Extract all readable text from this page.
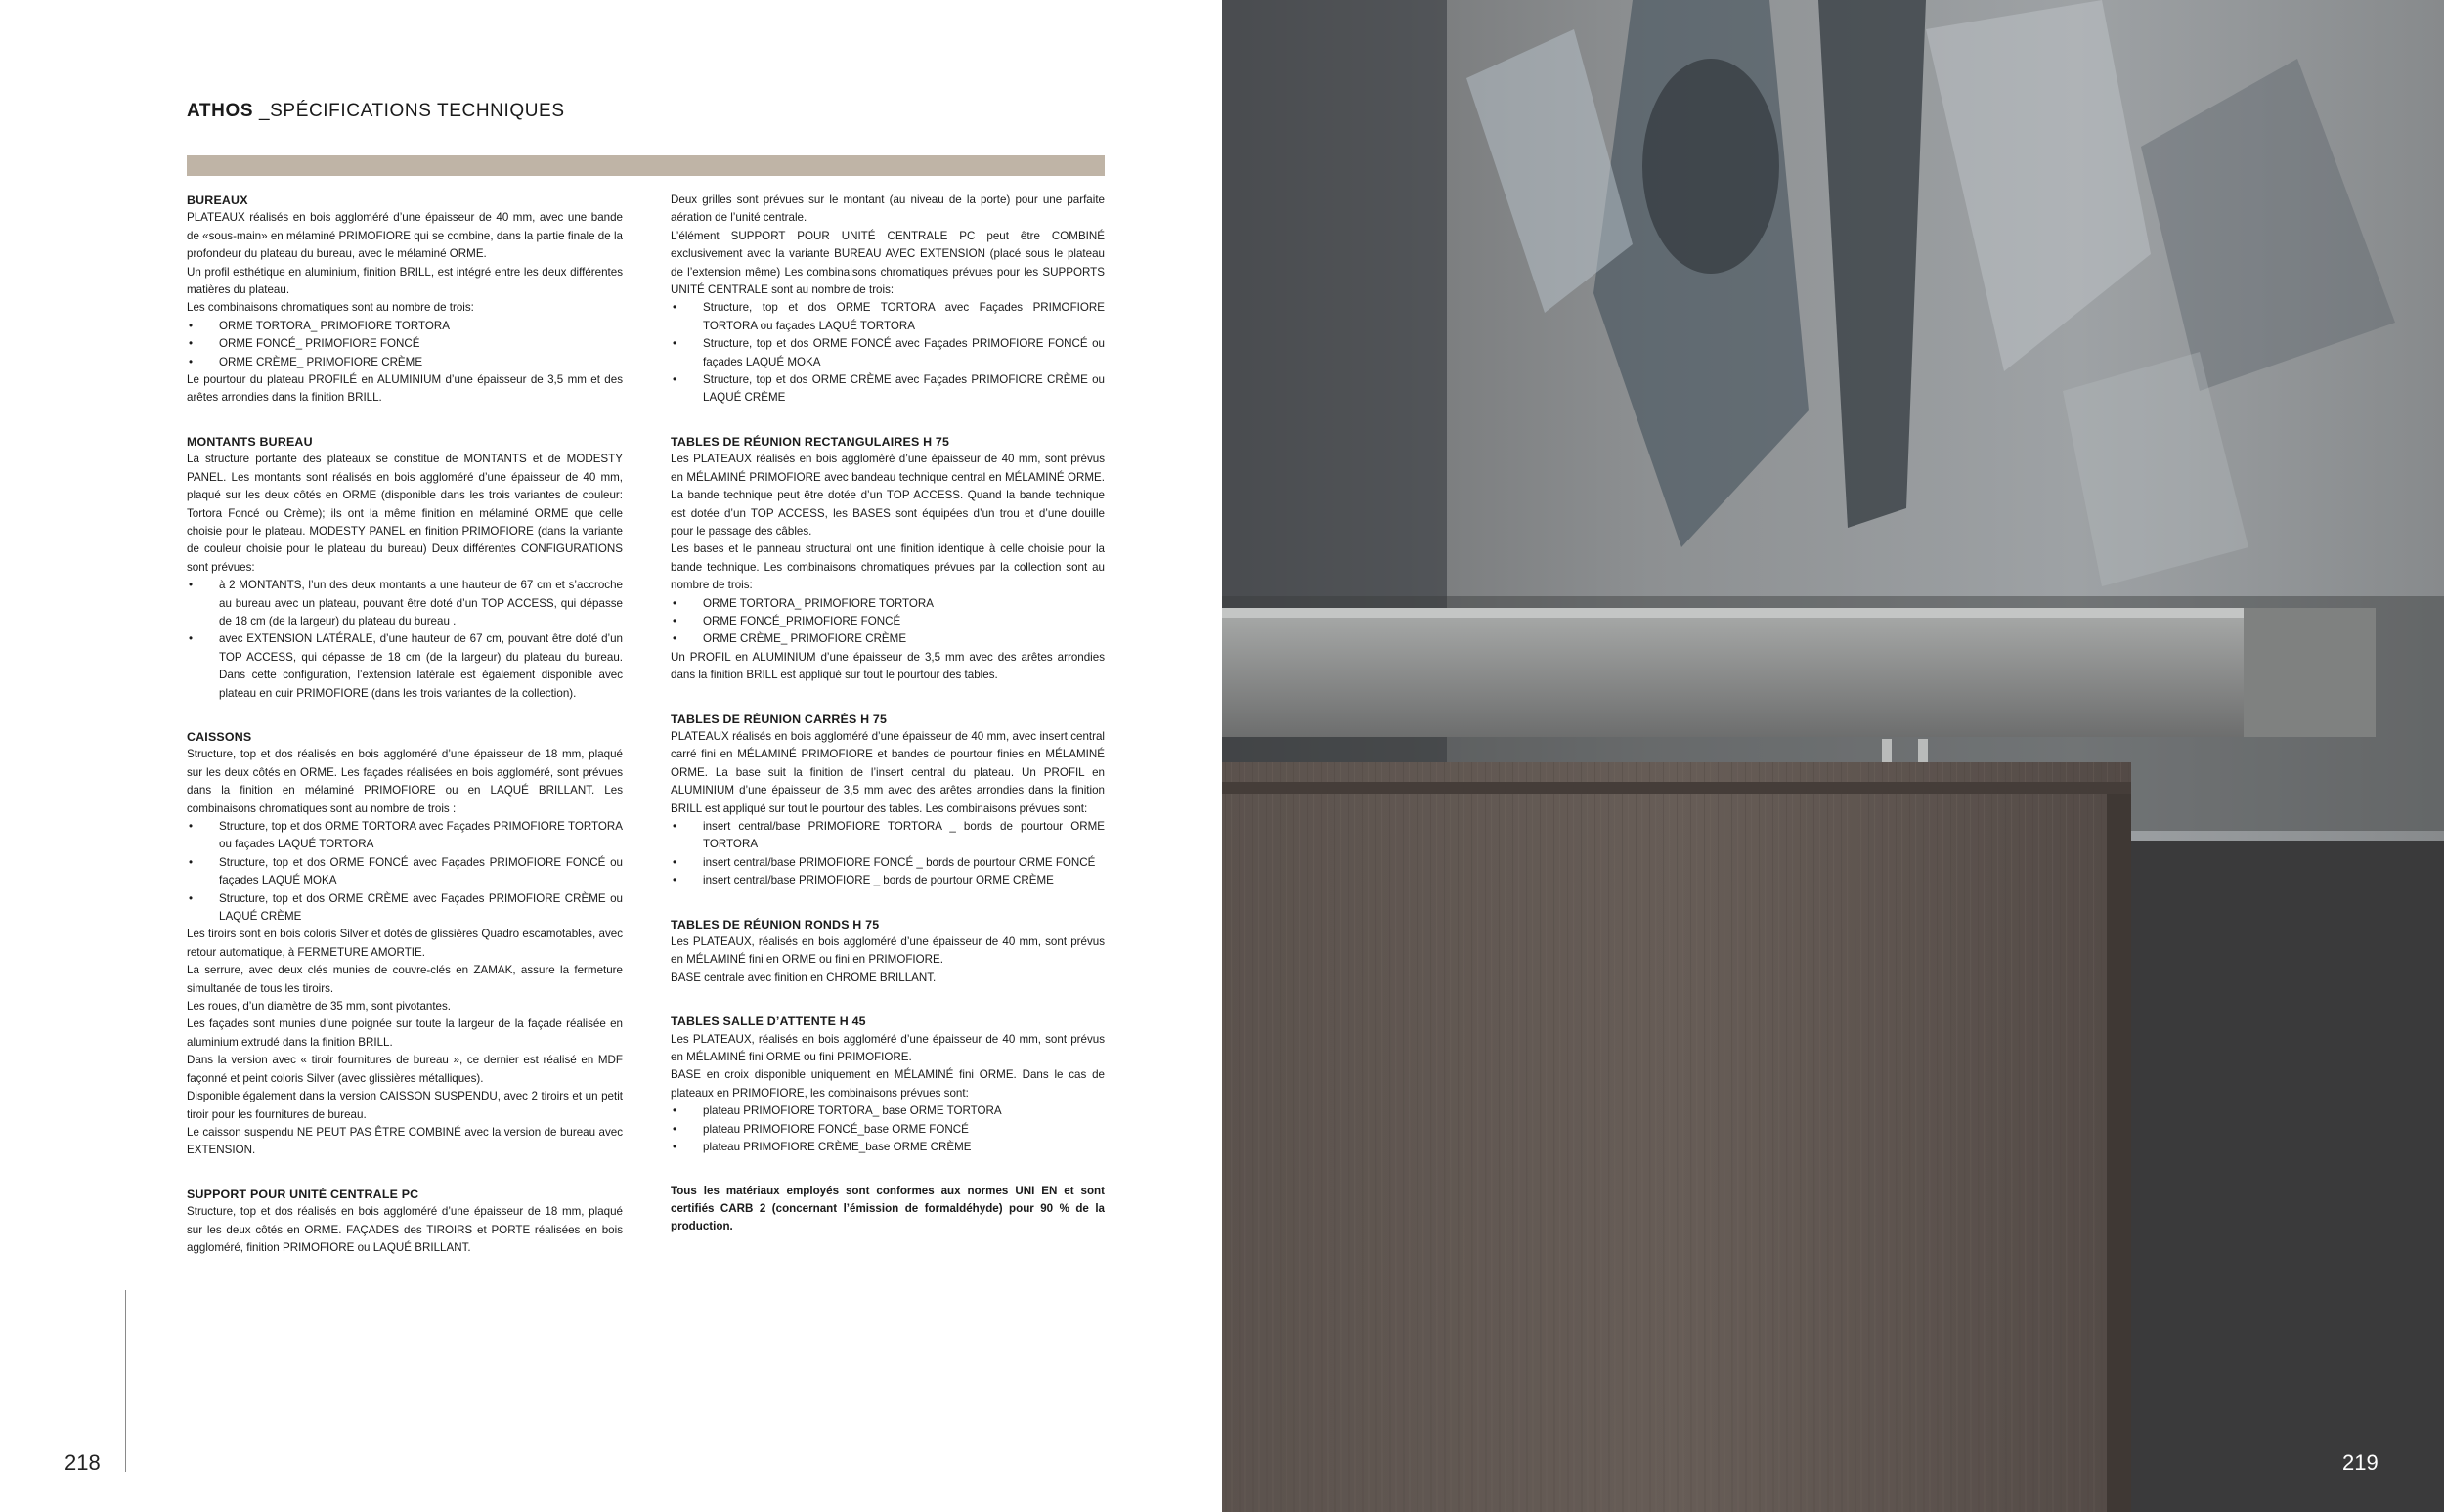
ATHOS _SPÉCIFICATIONS TECHNIQUES
BUREAUX

PLATEAUX réalisés en bois aggloméré d’une épaisseur de 40 mm, avec une bande de «sous-main» en mélaminé PRIMOFIORE qui se combine, dans la partie finale de la profondeur du plateau du bureau, avec le mélaminé ORME.

Un profil esthétique en aluminium, finition BRILL, est intégré entre les deux différentes matières du plateau.

Les combinaisons chromatiques sont au nombre de trois:

• ORME TORTORA_ PRIMOFIORE TORTORA
• ORME FONCÉ_ PRIMOFIORE FONCÉ
• ORME CRÈME_ PRIMOFIORE CRÈME

Le pourtour du plateau PROFILÉ en ALUMINIUM d’une épaisseur de 3,5 mm et des arêtes arrondies dans la finition BRILL.

MONTANTS BUREAU

La structure portante des plateaux se constitue de MONTANTS et de MODESTY PANEL. Les montants sont réalisés en bois aggloméré d’une épaisseur de 40 mm, plaqué sur les deux côtés en ORME (disponible dans les trois variantes de couleur: Tortora Foncé ou Crème); ils ont la même finition en mélaminé ORME que celle choisie pour le plateau. MODESTY PANEL en finition PRIMOFIORE (dans la variante de couleur choisie pour le plateau du bureau) Deux différentes CONFIGURATIONS sont prévues:

• à 2 MONTANTS, l’un des deux montants a une hauteur de 67 cm et s’accroche au bureau avec un plateau, pouvant être doté d’un TOP ACCESS, qui dépasse de 18 cm (de la largeur) du plateau du bureau .
• avec EXTENSION LATÉRALE, d’une hauteur de 67 cm, pouvant être doté d’un TOP ACCESS, qui dépasse de 18 cm (de la largeur) du plateau du bureau. Dans cette configuration, l’extension latérale est également disponible avec plateau en cuir PRIMOFIORE (dans les trois variantes de la collection).
CAISSONS

Structure, top et dos réalisés en bois aggloméré d’une épaisseur de 18 mm, plaqué sur les deux côtés en ORME. Les façades réalisées en bois aggloméré, sont prévues dans la finition en mélaminé PRIMOFIORE ou en LAQUÉ BRILLANT. Les combinaisons chromatiques sont au nombre de trois :

• Structure, top et dos ORME TORTORA avec Façades PRIMOFIORE TORTORA ou façades LAQUÉ TORTORA
• Structure, top et dos ORME FONCÉ avec Façades PRIMOFIORE FONCÉ ou façades LAQUÉ MOKA
• Structure, top et dos ORME CRÈME avec Façades PRIMOFIORE CRÈME ou LAQUÉ CRÈME

Les tiroirs sont en bois coloris Silver et dotés de glissières Quadro escamotables, avec retour automatique, à FERMETURE AMORTIE.

La serrure, avec deux clés munies de couvre-clés en ZAMAK, assure la fermeture simultanée de tous les tiroirs.

Les roues, d’un diamètre de 35 mm, sont pivotantes.

Les façades sont munies d’une poignée sur toute la largeur de la façade réalisée en aluminium extrudé dans la finition BRILL.

Dans la version avec « tiroir fournitures de bureau », ce dernier est réalisé en MDF façonné et peint coloris Silver (avec glissières métalliques).

Disponible également dans la version CAISSON SUSPENDU, avec 2 tiroirs et un petit tiroir pour les fournitures de bureau.

Le caisson suspendu NE PEUT PAS ÊTRE COMBINÉ avec la version de bureau avec EXTENSION.

SUPPORT POUR UNITÉ CENTRALE PC

Structure, top et dos réalisés en bois aggloméré d’une épaisseur de 18 mm, plaqué sur les deux côtés en ORME. FAÇADES des TIROIRS et PORTE réalisées en bois aggloméré, finition PRIMOFIORE ou LAQUÉ BRILLANT.

Deux grilles sont prévues sur le montant (au niveau de la porte) pour une parfaite aération de l’unité centrale.

L’élément SUPPORT POUR UNITÉ CENTRALE PC peut être COMBINÉ exclusivement avec la variante BUREAU AVEC EXTENSION (placé sous le plateau de l’extension même) Les combinaisons chromatiques prévues pour les SUPPORTS UNITÉ CENTRALE sont au nombre de trois:

• Structure, top et dos ORME TORTORA avec Façades PRIMOFIORE TORTORA ou façades LAQUÉ TORTORA
• Structure, top et dos ORME FONCÉ avec Façades PRIMOFIORE FONCÉ ou façades LAQUÉ MOKA
• Structure, top et dos ORME CRÈME avec Façades PRIMOFIORE CRÈME ou LAQUÉ CRÈME
TABLES DE RÉUNION RECTANGULAIRES H 75

Les PLATEAUX réalisés en bois aggloméré d’une épaisseur de 40 mm, sont prévus en MÉLAMINÉ PRIMOFIORE avec bandeau technique central en MÉLAMINÉ ORME. La bande technique peut être dotée d’un TOP ACCESS. Quand la bande technique est dotée d’un TOP ACCESS, les BASES sont équipées d’un trou et d’une douille pour le passage des câbles.

Les bases et le panneau structural ont une finition identique à celle choisie pour la bande technique. Les combinaisons chromatiques prévues par la collection sont au nombre de trois:

• ORME TORTORA_ PRIMOFIORE TORTORA
• ORME FONCÉ_PRIMOFIORE FONCÉ
• ORME CRÈME_ PRIMOFIORE CRÈME

Un PROFIL en ALUMINIUM d’une épaisseur de 3,5 mm avec des arêtes arrondies dans la finition BRILL est appliqué sur tout le pourtour des tables.

TABLES DE RÉUNION CARRÉS H 75

PLATEAUX réalisés en bois aggloméré d’une épaisseur de 40 mm, avec insert central carré fini en MÉLAMINÉ PRIMOFIORE et bandes de pourtour finies en MÉLAMINÉ ORME. La base suit la finition de l’insert central du plateau. Un PROFIL en ALUMINIUM d’une épaisseur de 3,5 mm avec des arêtes arrondies dans la finition BRILL est appliqué sur tout le pourtour des tables. Les combinaisons prévues sont:

• insert central/base PRIMOFIORE TORTORA _ bords de pourtour ORME TORTORA
• insert central/base PRIMOFIORE FONCÉ _ bords de pourtour ORME FONCÉ
• insert central/base PRIMOFIORE _ bords de pourtour ORME CRÈME
TABLES DE RÉUNION RONDS H 75

Les PLATEAUX, réalisés en bois aggloméré d’une épaisseur de 40 mm, sont prévus en MÉLAMINÉ fini en ORME ou fini en PRIMOFIORE.

BASE centrale avec finition en CHROME BRILLANT.

TABLES SALLE D’ATTENTE H 45

Les PLATEAUX, réalisés en bois aggloméré d’une épaisseur de 40 mm, sont prévus en MÉLAMINÉ fini ORME ou fini PRIMOFIORE.

BASE en croix disponible uniquement en MÉLAMINÉ fini ORME. Dans le cas de plateaux en PRIMOFIORE, les combinaisons prévues sont:

• plateau PRIMOFIORE TORTORA_ base ORME TORTORA
• plateau PRIMOFIORE FONCÉ_base ORME FONCÉ
• plateau PRIMOFIORE CRÈME_base ORME CRÈME

Tous les matériaux employés sont conformes aux normes UNI EN et sont certifiés CARB 2 (concernant l’émission de formaldéhyde) pour 90 % de la production.

218	219
